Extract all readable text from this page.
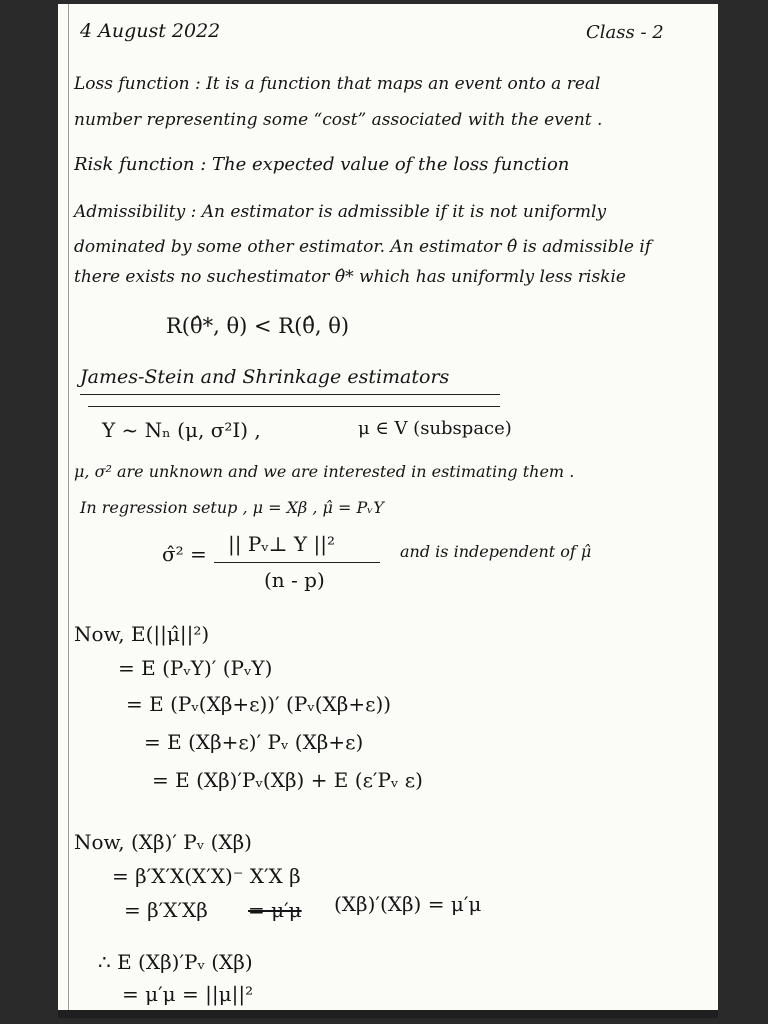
4 August 2022	Class - 2
Loss function : It is a function that maps an event onto a real
number representing some “cost” associated with the event .
Risk function : The expected value of the loss function
Admissibility : An estimator is admissible if it is not uniformly
dominated by some other estimator. An estimator θ̂ is admissible if
there exists no suchestimator θ̂* which has uniformly less riskie
R(θ̂*, θ) < R(θ̂, θ)
James-Stein and Shrinkage estimators
Y ~ Nₙ (μ, σ²I) ,	μ ∈ V (subspace)
μ, σ² are unknown and we are interested in estimating them .
In regression setup , μ = Xβ , μ̂ = PᵥY
σ̂² = || Pᵥ⊥ Y ||²
(n - p)
and is independent of μ̂
Now, E(||μ̂||²)
= E (PᵥY)′ (PᵥY)
= E (Pᵥ(Xβ+ε))′ (Pᵥ(Xβ+ε))
= E (Xβ+ε)′ Pᵥ (Xβ+ε)
= E (Xβ)′Pᵥ(Xβ) + E (ε′Pᵥ ε)
Now, (Xβ)′ Pᵥ (Xβ)
= β′X′X(X′X)⁻ X′X β
= β′X′Xβ = μ′μ (Xβ)′(Xβ) = μ′μ
∴ E (Xβ)′Pᵥ (Xβ)
= μ′μ = ||μ||²
